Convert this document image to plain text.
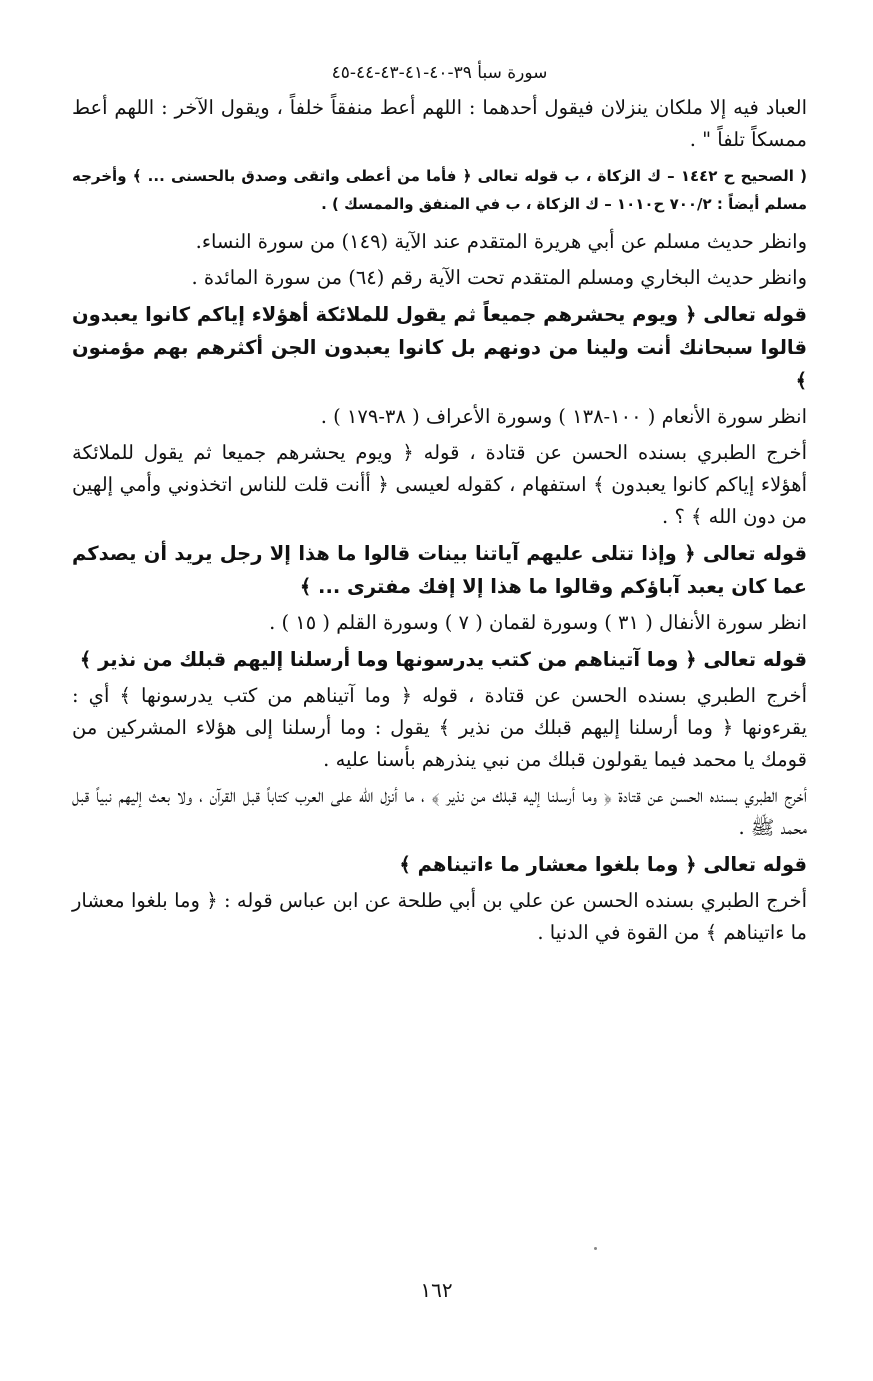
سورة سبأ ٣٩-٤٠-٤١-٤٣-٤٤-٤٥

العباد فيه إلا ملكان ينزلان فيقول أحدهما : اللهم أعط منفقاً خلفاً ، ويقول الآخر : اللهم أعط ممسكاً تلفاً " .

( الصحيح ح ١٤٤٢ – ك الزكاة ، ب قوله تعالى ﴿ فأما من أعطى واتقى وصدق بالحسنى ... ﴾ وأخرجه مسلم أيضاً : ٧٠٠/٢ ح١٠١٠ – ك الزكاة ، ب في المنفق والممسك ) .

وانظر حديث مسلم عن أبي هريرة المتقدم عند الآية (١٤٩) من سورة النساء.

وانظر حديث البخاري ومسلم المتقدم تحت الآية رقم (٦٤) من سورة المائدة .

قوله تعالى ﴿ ويوم يحشرهم جميعاً ثم يقول للملائكة أهؤلاء إياكم كانوا يعبدون قالوا سبحانك أنت ولينا من دونهم بل كانوا يعبدون الجن أكثرهم بهم مؤمنون ﴾

انظر سورة الأنعام ( ١٠٠-١٣٨ ) وسورة الأعراف ( ٣٨-١٧٩ ) .

أخرج الطبري بسنده الحسن عن قتادة ، قوله ﴿ ويوم يحشرهم جميعا ثم يقول للملائكة أهؤلاء إياكم كانوا يعبدون ﴾ استفهام ، كقوله لعيسى ﴿ أأنت قلت للناس اتخذوني وأمي إلهين من دون الله ﴾ ؟ .

قوله تعالى ﴿ وإذا تتلى عليهم آياتنا بينات قالوا ما هذا إلا رجل يريد أن يصدكم عما كان يعبد آباؤكم وقالوا ما هذا إلا إفك مفترى ... ﴾

انظر سورة الأنفال ( ٣١ ) وسورة لقمان ( ٧ ) وسورة القلم ( ١٥ ) .

قوله تعالى ﴿ وما آتيناهم من كتب يدرسونها وما أرسلنا إليهم قبلك من نذير ﴾

أخرج الطبري بسنده الحسن عن قتادة ، قوله ﴿ وما آتيناهم من كتب يدرسونها ﴾ أي : يقرءونها ﴿ وما أرسلنا إليهم قبلك من نذير ﴾ يقول : وما أرسلنا إلى هؤلاء المشركين من قومك يا محمد فيما يقولون قبلك من نبي ينذرهم بأسنا عليه .

أخرج الطبري بسنده الحسن عن قتادة ﴿ وما أرسلنا إليه قبلك من نذير ﴾ ، ما أنزل الله على العرب كتاباً قبل القرآن ، ولا بعث إليهم نبياً قبل محمد ﷺ .

قوله تعالى ﴿ وما بلغوا معشار ما ءاتيناهم ﴾

أخرج الطبري بسنده الحسن عن علي بن أبي طلحة عن ابن عباس قوله : ﴿ وما بلغوا معشار ما ءاتيناهم ﴾ من القوة في الدنيا .

١٦٢
